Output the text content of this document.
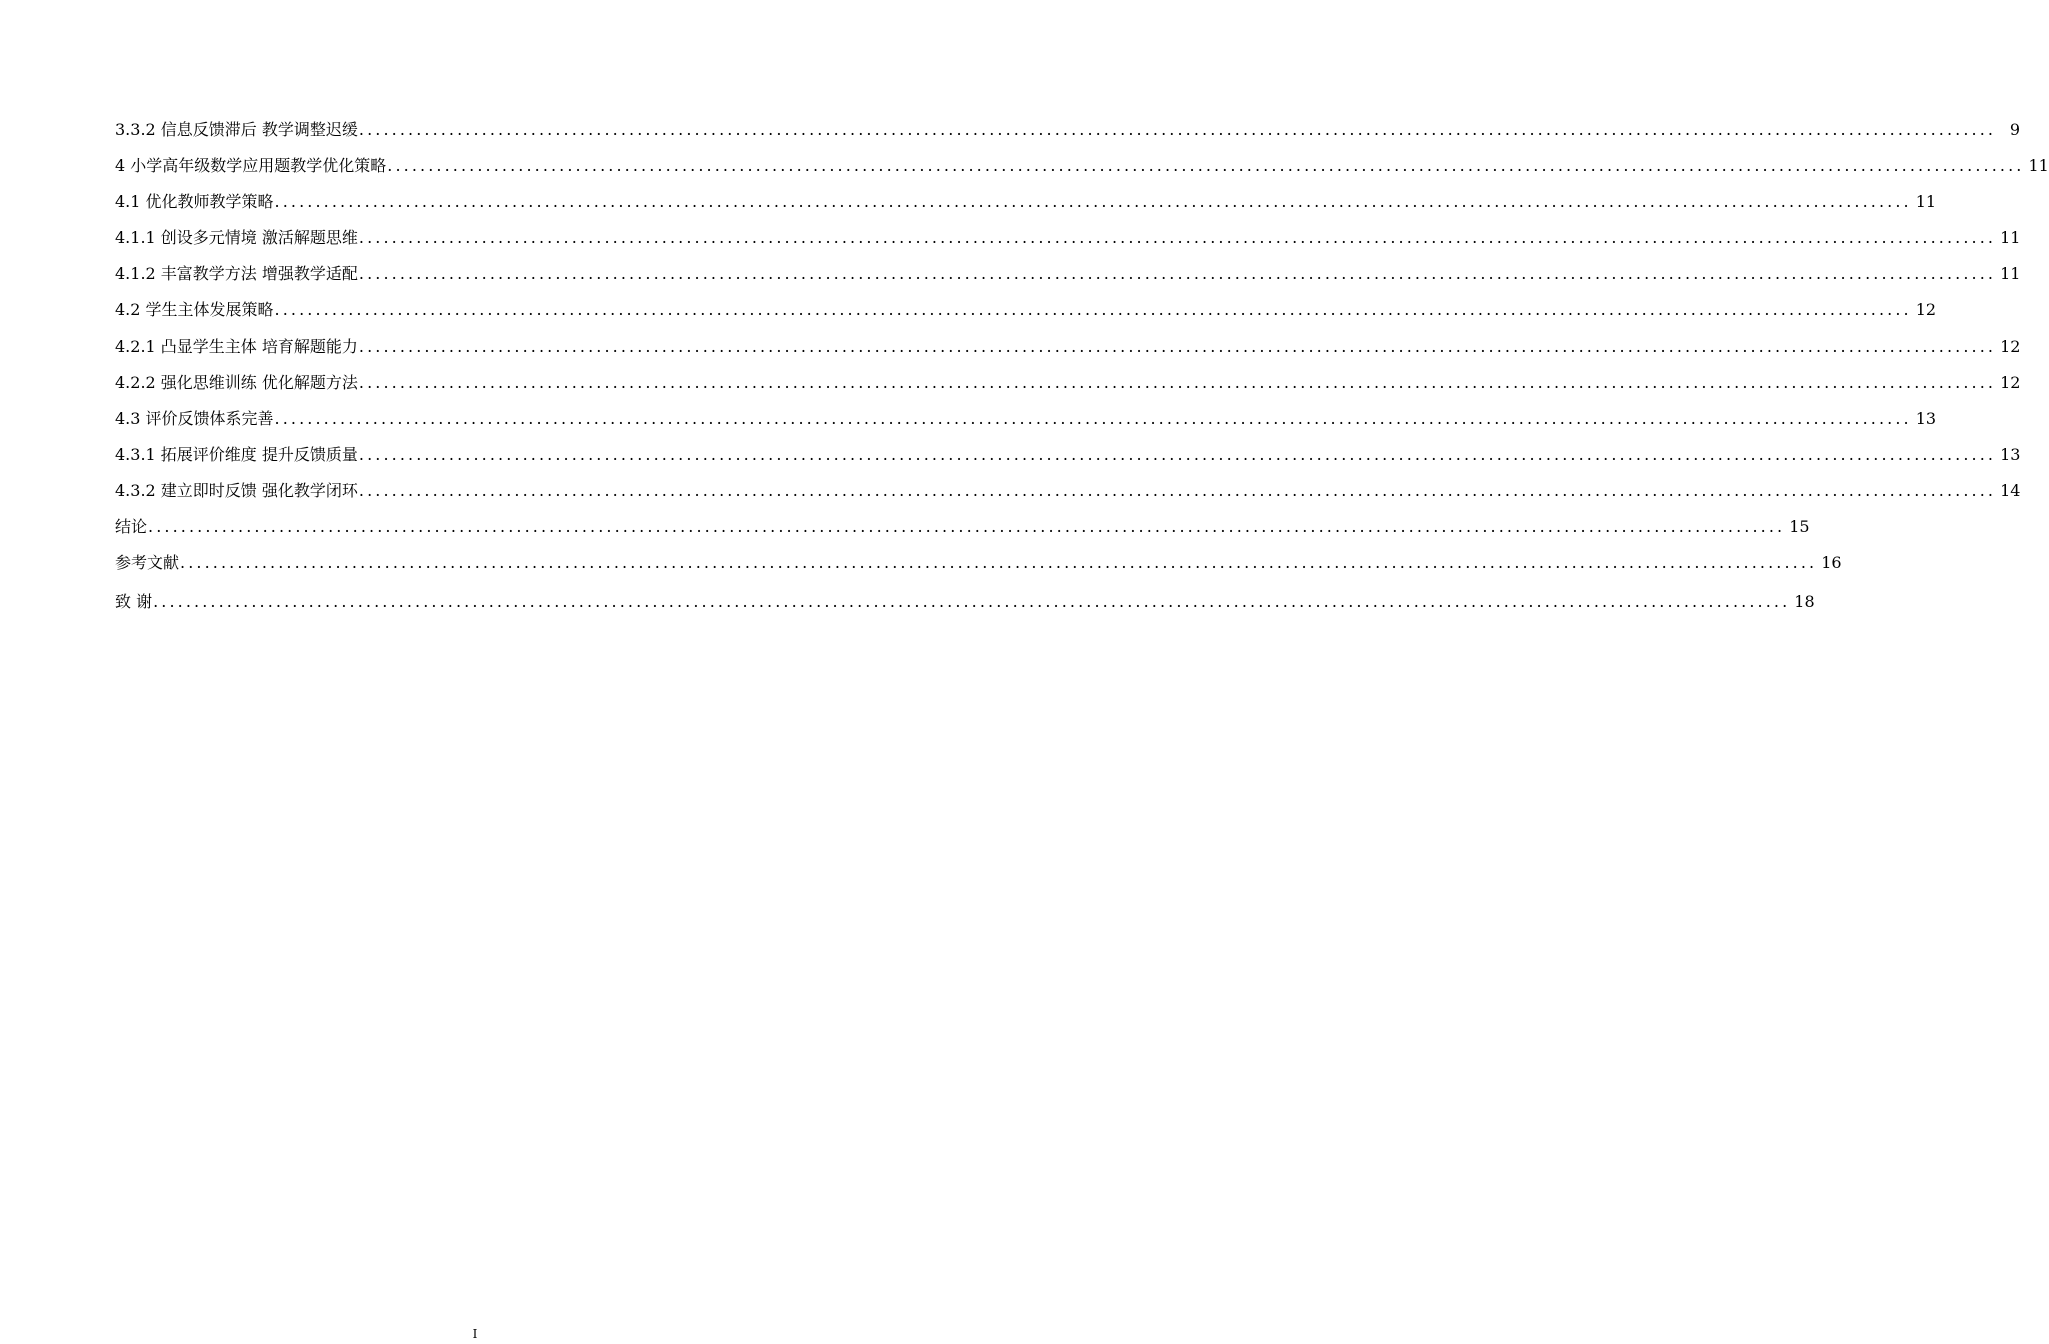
3.3.2 信息反馈滞后 教学调整迟缓 ........................................................................................................................................................................................................ 9
4 小学高年级数学应用题教学优化策略 ........................................................................................................................................................................................................ 11
4.1 优化教师教学策略 ........................................................................................................................................................................................................ 11
4.1.1 创设多元情境 激活解题思维 ........................................................................................................................................................................................................ 11
4.1.2 丰富教学方法 增强教学适配 ........................................................................................................................................................................................................ 11
4.2 学生主体发展策略 ........................................................................................................................................................................................................ 12
4.2.1 凸显学生主体 培育解题能力 ........................................................................................................................................................................................................ 12
4.2.2 强化思维训练 优化解题方法 ........................................................................................................................................................................................................ 12
4.3 评价反馈体系完善 ........................................................................................................................................................................................................ 13
4.3.1 拓展评价维度 提升反馈质量 ........................................................................................................................................................................................................ 13
4.3.2 建立即时反馈 强化教学闭环 ........................................................................................................................................................................................................ 14
结论 ........................................................................................................................................................................................................ 15
参考文献 ........................................................................................................................................................................................................ 16
致 谢 ........................................................................................................................................................................................................ 18
I
